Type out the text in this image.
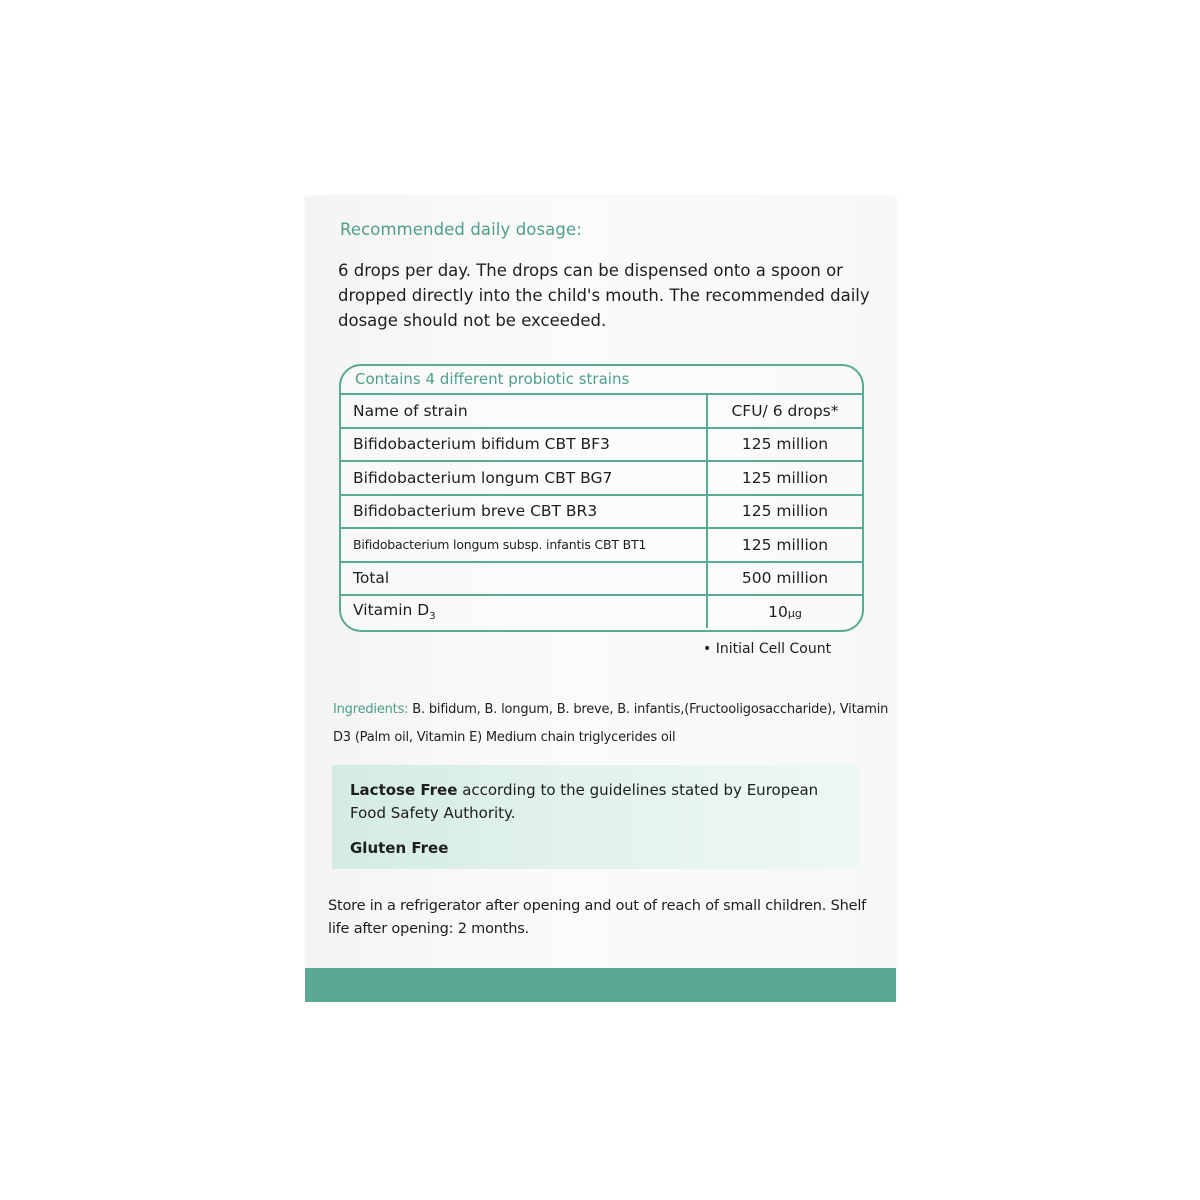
Recommended daily dosage:
6 drops per day. The drops can be dispensed onto a spoon or dropped directly into the child's mouth. The recommended daily dosage should not be exceeded.
Contains 4 different probiotic strains
Name of strain	CFU/ 6 drops*
Bifidobacterium bifidum CBT BF3	125 million
Bifidobacterium longum CBT BG7	125 million
Bifidobacterium breve CBT BR3	125 million
Bifidobacterium longum subsp. infantis CBT BT1	125 million
Total	500 million
Vitamin $D_3$	10μg
• Initial Cell Count
Ingredients: B. bifidum, B. longum, B. breve, B. infantis,(Fructooligosaccharide), Vitamin D3 (Palm oil, Vitamin E) Medium chain triglycerides oil
Lactose Free according to the guidelines stated by European Food Safety Authority.
Gluten Free
Store in a refrigerator after opening and out of reach of small children. Shelf life after opening: 2 months.
